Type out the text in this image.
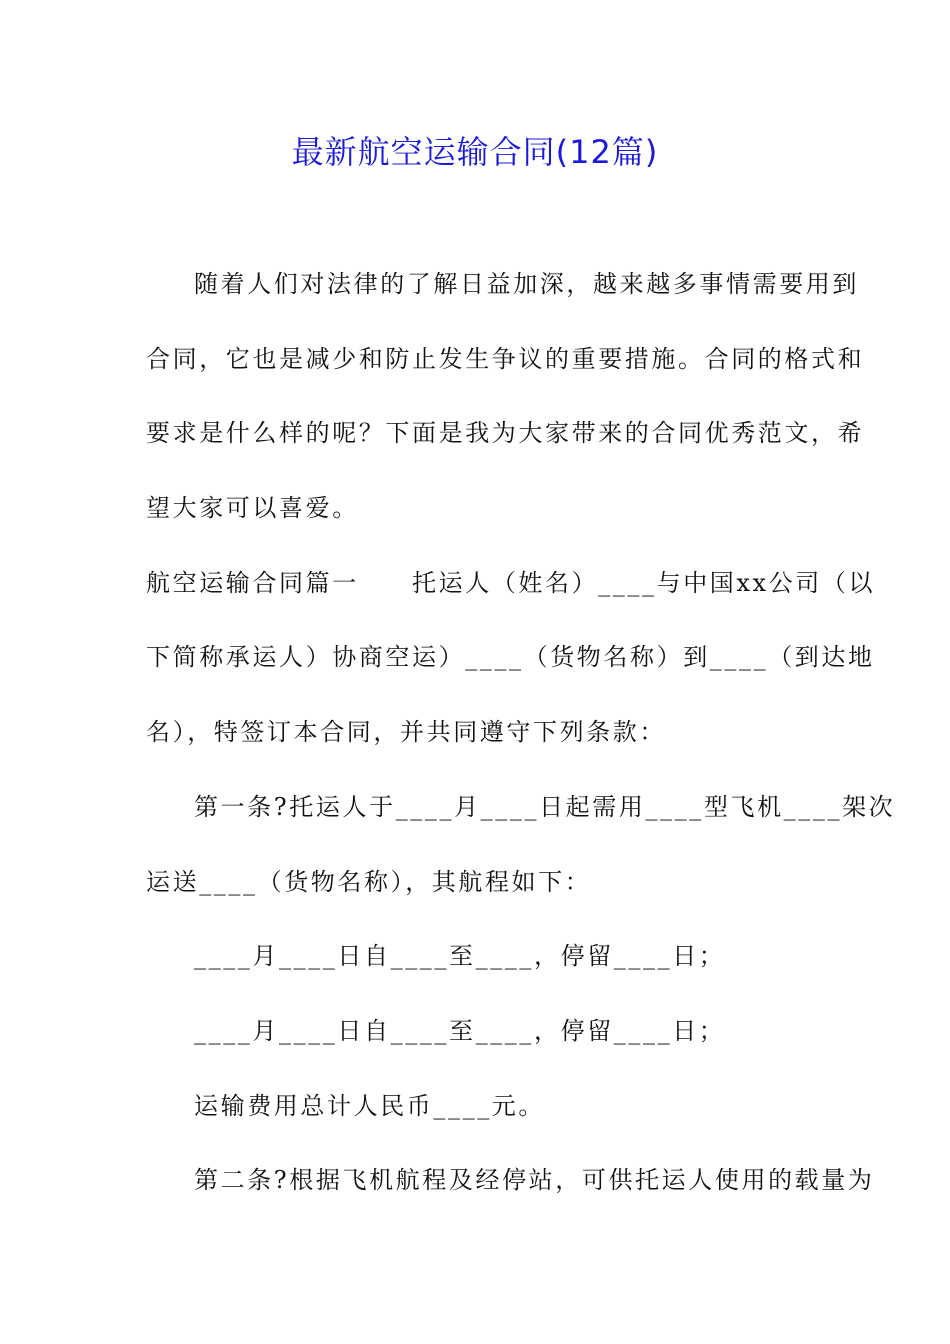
最新航空运输合同(12篇)
随着人们对法律的了解日益加深，越来越多事情需要用到
合同，它也是减少和防止发生争议的重要措施。合同的格式和
要求是什么样的呢？下面是我为大家带来的合同优秀范文，希
望大家可以喜爱。
航空运输合同篇一　　托运人（姓名）____与中国xx公司（以
下简称承运人）协商空运）____（货物名称）到____（到达地
名），特签订本合同，并共同遵守下列条款：
第一条?托运人于____月____日起需用____型飞机____架次
运送____（货物名称），其航程如下：
____月____日自____至____，停留____日；
____月____日自____至____，停留____日；
运输费用总计人民币____元。
第二条?根据飞机航程及经停站，可供托运人使用的载量为
